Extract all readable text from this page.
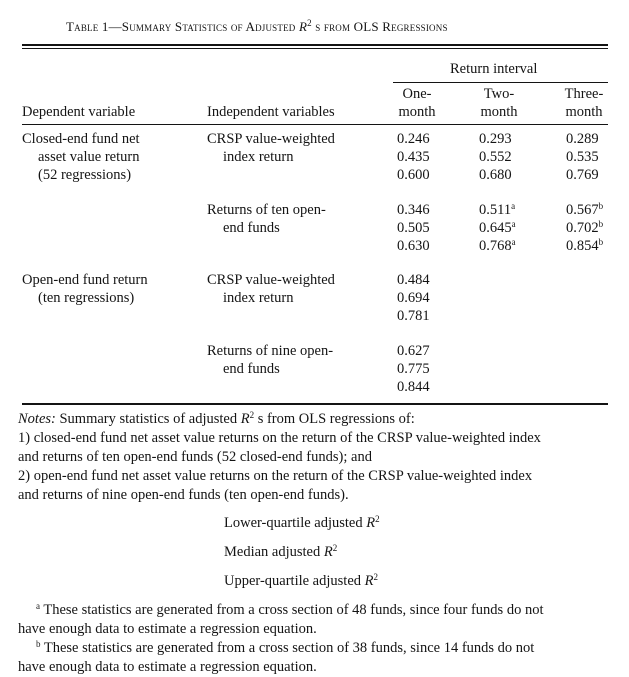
Table 1—Summary Statistics of Adjusted $R^2$ s from OLS Regressions
Return interval
One-
month
Two-
month
Three-
month
Dependent variable	Independent variables
Closed-end fund net
asset value return
(52 regressions)
CRSP value-weighted
index return
0.246
0.435
0.600
0.293
0.552
0.680
0.289
0.535
0.769
Returns of ten open-
end funds
0.346
0.505
0.630
0.511$^a$
0.645$^a$
0.768$^a$
0.567$^b$
0.702$^b$
0.854$^b$
Open-end fund return
(ten regressions)
CRSP value-weighted
index return
0.484
0.694
0.781
Returns of nine open-
end funds
0.627
0.775
0.844
Notes: Summary statistics of adjusted $R^2$ s from OLS regressions of:
1) closed-end fund net asset value returns on the return of the CRSP value-weighted index
and returns of ten open-end funds (52 closed-end funds); and
2) open-end fund net asset value returns on the return of the CRSP value-weighted index
and returns of nine open-end funds (ten open-end funds).
Lower-quartile adjusted $R^2$
Median adjusted $R^2$
Upper-quartile adjusted $R^2$
$^a$ These statistics are generated from a cross section of 48 funds, since four funds do not
have enough data to estimate a regression equation.
$^b$ These statistics are generated from a cross section of 38 funds, since 14 funds do not
have enough data to estimate a regression equation.
